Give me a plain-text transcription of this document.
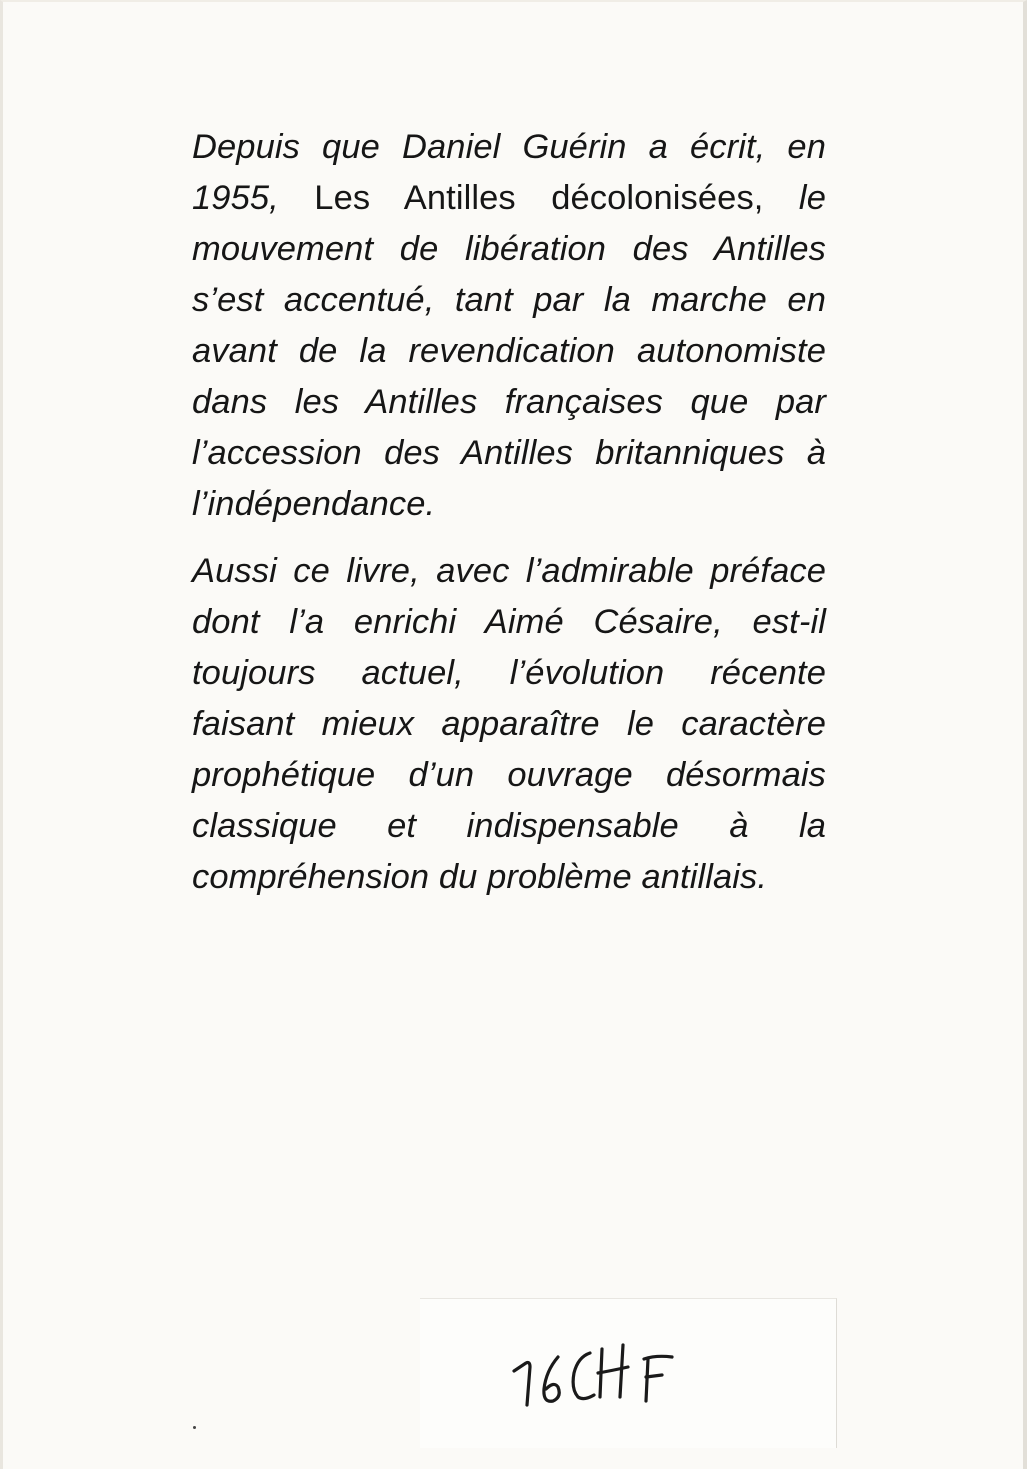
Depuis que Daniel Guérin a écrit, en 1955, Les Antilles décolonisées, le mouvement de libération des Antilles s’est accentué, tant par la marche en avant de la revendication autonomiste dans les Antilles françaises que par l’accession des Antilles britanniques à l’indépendance.

Aussi ce livre, avec l’admirable préface dont l’a enrichi Aimé Césaire, est-il toujours actuel, l’évolution récente faisant mieux apparaître le caractère prophétique d’un ouvrage désormais classique et indispensable à la compréhension du problème antillais.
